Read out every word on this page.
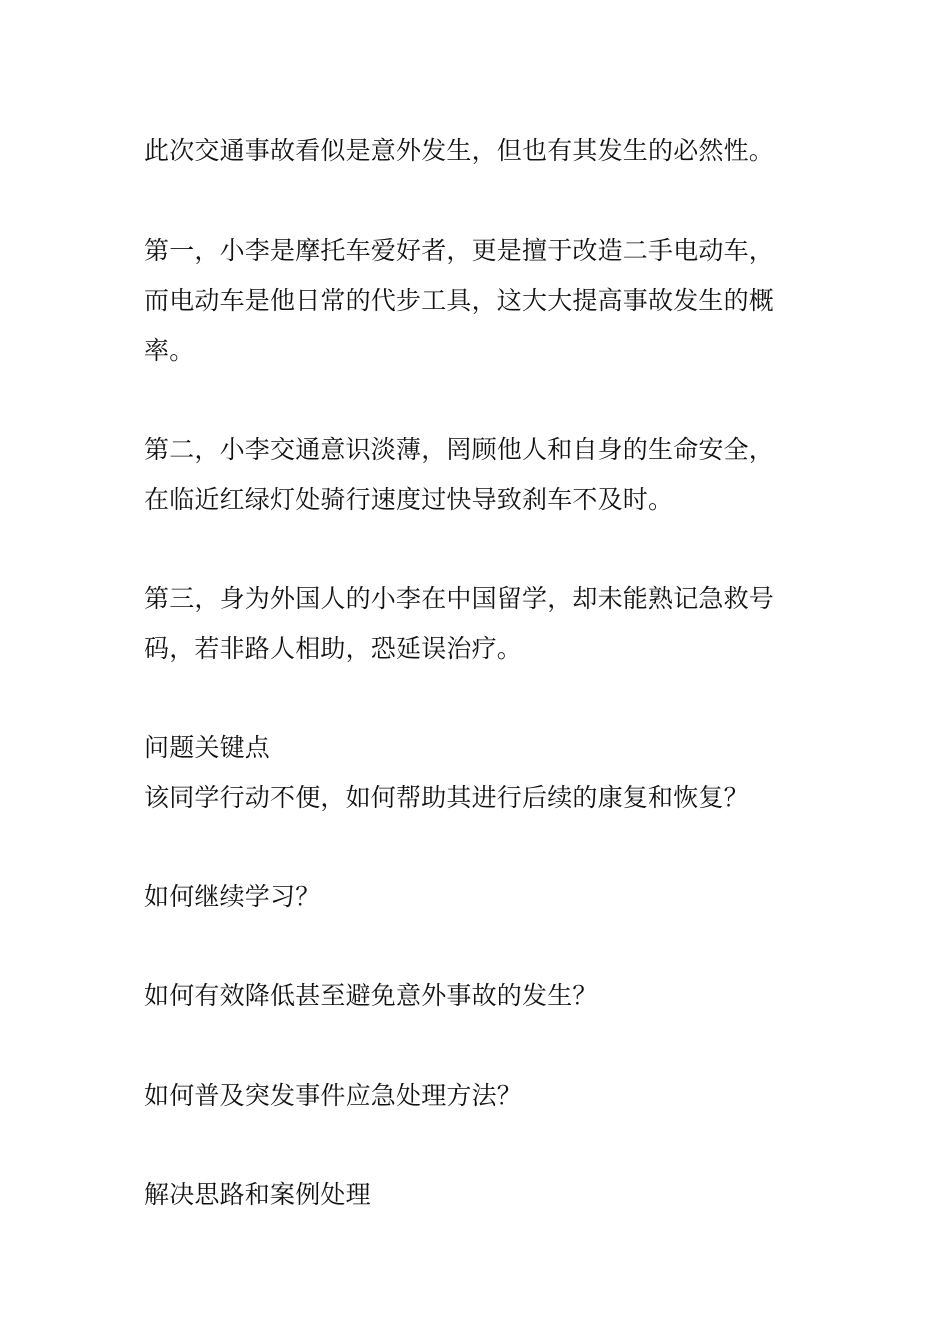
此次交通事故看似是意外发生，但也有其发生的必然性。

第一，小李是摩托车爱好者，更是擅于改造二手电动车，
而电动车是他日常的代步工具，这大大提高事故发生的概
率。

第二，小李交通意识淡薄，罔顾他人和自身的生命安全，
在临近红绿灯处骑行速度过快导致刹车不及时。

第三，身为外国人的小李在中国留学，却未能熟记急救号
码，若非路人相助，恐延误治疗。

问题关键点
该同学行动不便，如何帮助其进行后续的康复和恢复？

如何继续学习？

如何有效降低甚至避免意外事故的发生？

如何普及突发事件应急处理方法？

解决思路和案例处理
